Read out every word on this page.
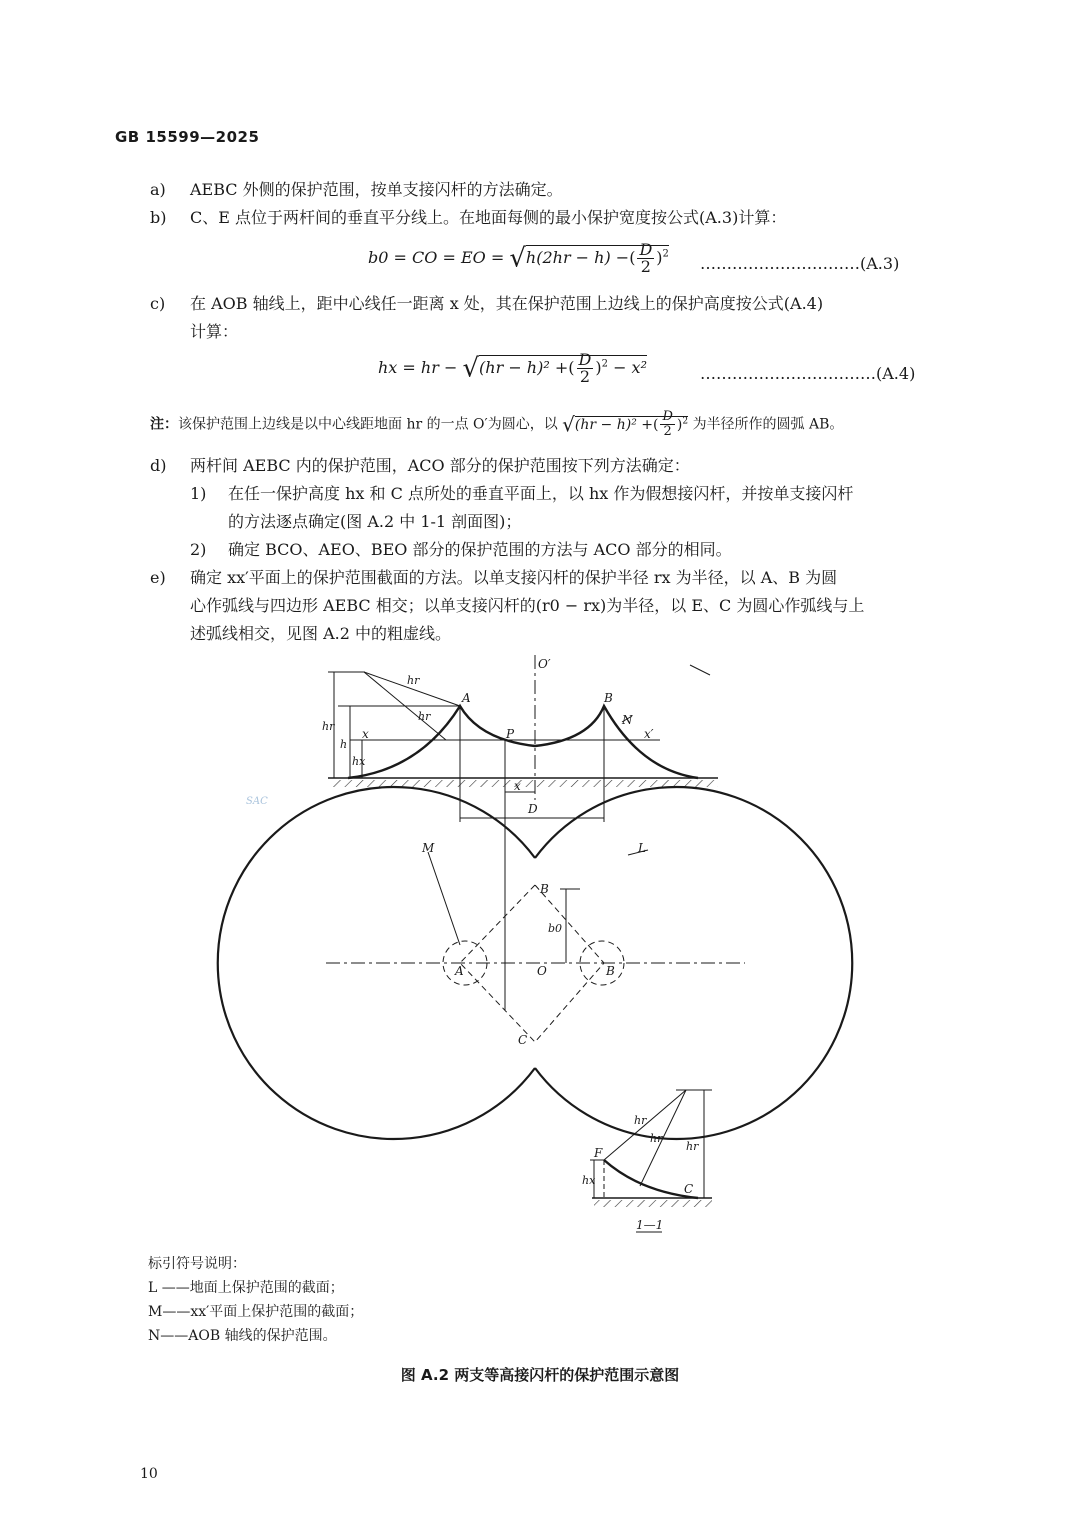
GB 15599—2025
a)	AEBC 外侧的保护范围，按单支接闪杆的方法确定。
b)	C、E 点位于两杆间的垂直平分线上。在地面每侧的最小保护宽度按公式(A.3)计算：
b0 = CO = EO = √h(2hr − h) −( $\frac{D}{2} )^2$ …………………………(A.3)
c)	在 AOB 轴线上，距中心线任一距离 x 处，其在保护范围上边线上的保护高度按公式(A.4)
计算：
hx = hr − √(hr − h)² +( $\frac{D}{2} )^2 - x^2$	……………………………(A.4)
注：该保护范围上边线是以中心线距地面 hr 的一点 O′为圆心，以 √(hr − h)² +( $\frac{D}{2} )^2$ 为半径所作的圆弧 AB。
d)	两杆间 AEBC 内的保护范围，ACO 部分的保护范围按下列方法确定：
1)	在任一保护高度 hx 和 C 点所处的垂直平面上，以 hx 作为假想接闪杆，并按单支接闪杆
的方法逐点确定(图 A.2 中 1-1 剖面图)；
2)	确定 BCO、AEO、BEO 部分的保护范围的方法与 ACO 部分的相同。
e)	确定 xx′平面上的保护范围截面的方法。以单支接闪杆的保护半径 rx 为半径，以 A、B 为圆
心作弧线与四边形 AEBC 相交；以单支接闪杆的(r0 − rx)为半径，以 E、C 为圆心作弧线与上
述弧线相交，见图 A.2 中的粗虚线。
O′
A	B
N
P
x	x′
hr
hr
hr
h
hx
x
D
M	L
B
b0
A	O	B
C
F
hr
hr
hr
hx
C
1—1
SAC
标引符号说明：
L ——地面上保护范围的截面；
M——xx′平面上保护范围的截面；
N——AOB 轴线的保护范围。
图 A.2 两支等高接闪杆的保护范围示意图
10
